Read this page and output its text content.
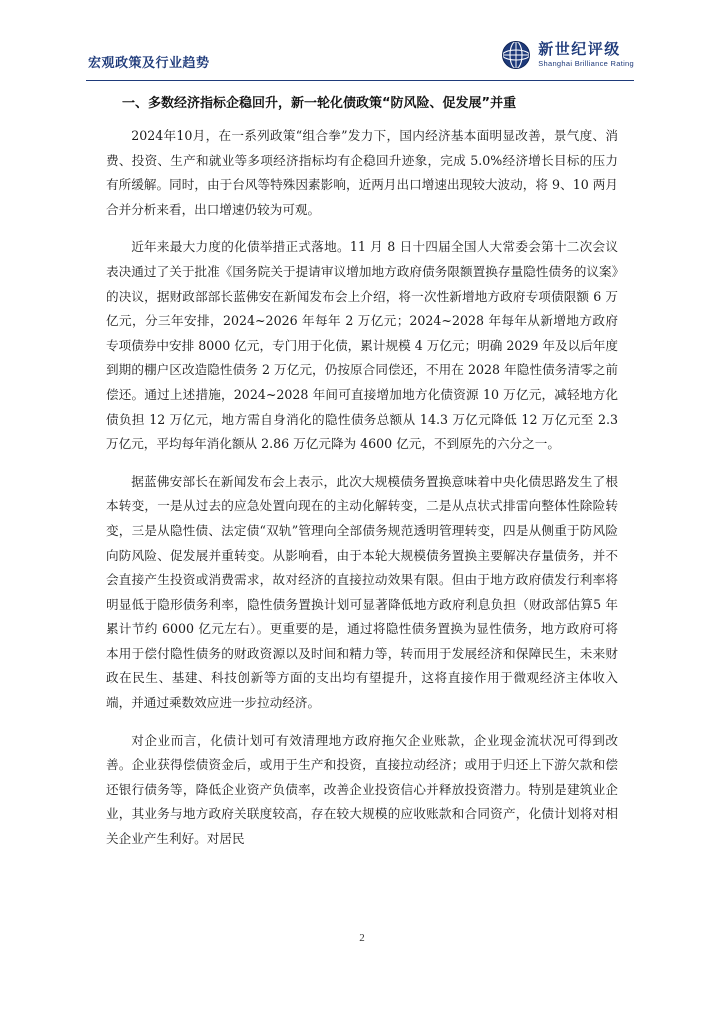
宏观政策及行业趋势
新世纪评级
Shanghai Brilliance Rating
一、多数经济指标企稳回升，新一轮化债政策“防风险、促发展”并重

2024年10月，在一系列政策“组合拳”发力下，国内经济基本面明显改善，景气度、消费、投资、生产和就业等多项经济指标均有企稳回升迹象，完成 5.0%经济增长目标的压力有所缓解。同时，由于台风等特殊因素影响，近两月出口增速出现较大波动，将 9、10 两月合并分析来看，出口增速仍较为可观。

近年来最大力度的化债举措正式落地。11 月 8 日十四届全国人大常委会第十二次会议表决通过了关于批准《国务院关于提请审议增加地方政府债务限额置换存量隐性债务的议案》的决议，据财政部部长蓝佛安在新闻发布会上介绍，将一次性新增地方政府专项债限额 6 万亿元，分三年安排，2024~2026 年每年 2 万亿元；2024~2028 年每年从新增地方政府专项债券中安排 8000 亿元，专门用于化债，累计规模 4 万亿元；明确 2029 年及以后年度到期的棚户区改造隐性债务 2 万亿元，仍按原合同偿还，不用在 2028 年隐性债务清零之前偿还。通过上述措施，2024~2028 年间可直接增加地方化债资源 10 万亿元，减轻地方化债负担 12 万亿元，地方需自身消化的隐性债务总额从 14.3 万亿元降低 12 万亿元至 2.3 万亿元，平均每年消化额从 2.86 万亿元降为 4600 亿元，不到原先的六分之一。

据蓝佛安部长在新闻发布会上表示，此次大规模债务置换意味着中央化债思路发生了根本转变，一是从过去的应急处置向现在的主动化解转变，二是从点状式排雷向整体性除险转变，三是从隐性债、法定债“双轨”管理向全部债务规范透明管理转变，四是从侧重于防风险向防风险、促发展并重转变。从影响看，由于本轮大规模债务置换主要解决存量债务，并不会直接产生投资或消费需求，故对经济的直接拉动效果有限。但由于地方政府债发行利率将明显低于隐形债务利率，隐性债务置换计划可显著降低地方政府利息负担（财政部估算5 年累计节约 6000 亿元左右）。更重要的是，通过将隐性债务置换为显性债务，地方政府可将本用于偿付隐性债务的财政资源以及时间和精力等，转而用于发展经济和保障民生，未来财政在民生、基建、科技创新等方面的支出均有望提升，这将直接作用于微观经济主体收入端，并通过乘数效应进一步拉动经济。

对企业而言，化债计划可有效清理地方政府拖欠企业账款，企业现金流状况可得到改善。企业获得偿债资金后，或用于生产和投资，直接拉动经济；或用于归还上下游欠款和偿还银行债务等，降低企业资产负债率，改善企业投资信心并释放投资潜力。特别是建筑业企业，其业务与地方政府关联度较高，存在较大规模的应收账款和合同资产，化债计划将对相关企业产生利好。对居民

2
